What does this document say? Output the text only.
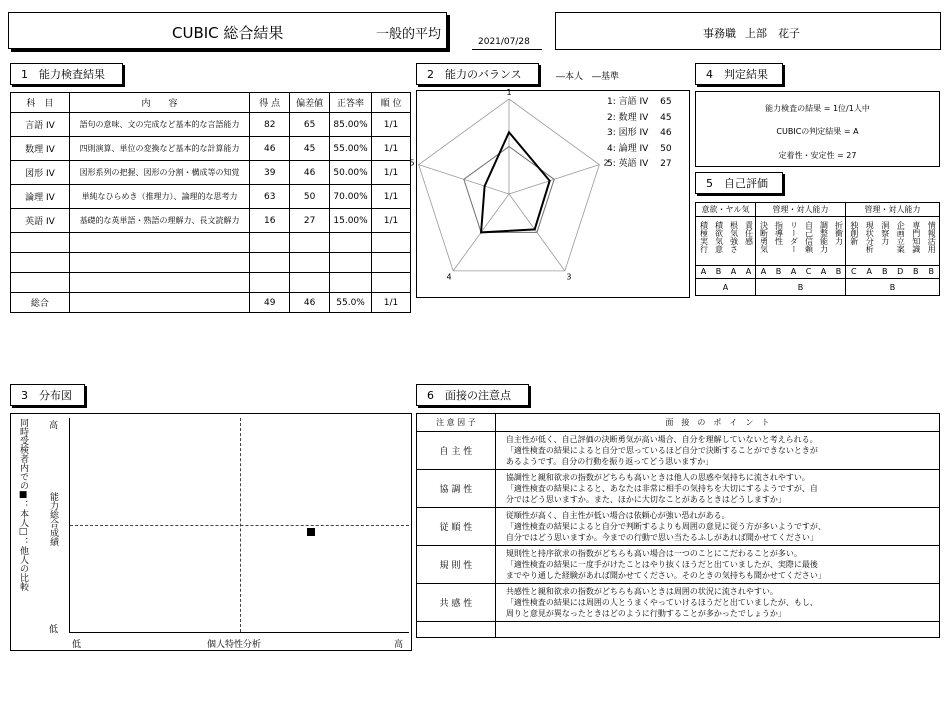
CUBIC 総合結果	一般的平均	2021/07/28
事務職 上部　花子
1　能力検査結果	2　能力のバランス	―本人　―基準	4　判定結果
5　自己評価
3　分布図	6　面接の注意点
科　目	内　　容	得 点	偏差値	正答率	順 位
言語 IV	語句の意味、文の完成など基本的な言語能力	82	65	85.00%	1/1
数理 IV	四則演算、単位の変換など基本的な計算能力	46	45	55.00%	1/1
図形 IV	図形系列の把握、図形の分割・構成等の知覚	39	46	50.00%	1/1
論理 IV	単純なひらめき（推理力）、論理的な思考力	63	50	70.00%	1/1
英語 IV	基礎的な英単語・熟語の理解力、長文読解力	16	27	15.00%	1/1

総合		49	46	55.0%	1/1
1
2
3
4
5
1: 言語 IV　 65
2: 数理 IV　 45
3: 図形 IV　 46
4: 論理 IV　 50
5: 英語 IV　 27
能力検査の結果 = 1位/1人中
CUBICの判定結果 = A
定着性・安定性 = 27
意欲・ヤル気	管理・対人能力	管理・対人能力
積極実行 積欲気意 根気強さ 責任感 決断勇気 指導性 リーダー 自己信頼 調整能力 折衝力 独創新 現状分析 洞察力 企画立案 専門知識 情報活用
A	B	A	A	A	B	A	C	A	B	C	A	B	D	B	B
A	B	B
同時受検者内での■：本人□：他人の比較 高
能力総合成績
低
低	個人特性分析	高
注 意 因 子	面　接　の　ポ　イ　ン　ト
自 主 性	自主性が低く、自己評価の決断勇気が高い場合、自分を理解していないと考えられる。
「適性検査の結果によると自分で思っているほど自分で決断することができないときが
あるようです。自分の行動を振り返ってどう思いますか」

協 調 性	協調性と親和欲求の指数がどちらも高いときは他人の思惑や気持ちに流されやすい。
「適性検査の結果によると、あなたは非常に相手の気持ちを大切にするようですが、自
分ではどう思いますか。また、ほかに大切なことがあるときはどうしますか」

従 順 性	従順性が高く、自主性が低い場合は依頼心が強い恐れがある。
「適性検査の結果によると自分で判断するよりも周囲の意見に従う方が多いようですが、
自分ではどう思いますか。今までの行動で思い当たるふしがあれば聞かせてください」

規 則 性	規則性と持序欲求の指数がどちらも高い場合は一つのことにこだわることが多い。
「適性検査の結果に一度手がけたことはやり抜くほうだと出ていましたが、実際に最後
までやり通した経験があれば聞かせてください。そのときの気持ちも聞かせてください」

共 感 性	共感性と親和欲求の指数がどちらも高いときは周囲の状況に流されやすい。
「適性検査の結果には周囲の人とうまくやっていけるほうだと出ていましたが、もし、
周りと意見が異なったときはどのように行動することが多かったでしょうか」
